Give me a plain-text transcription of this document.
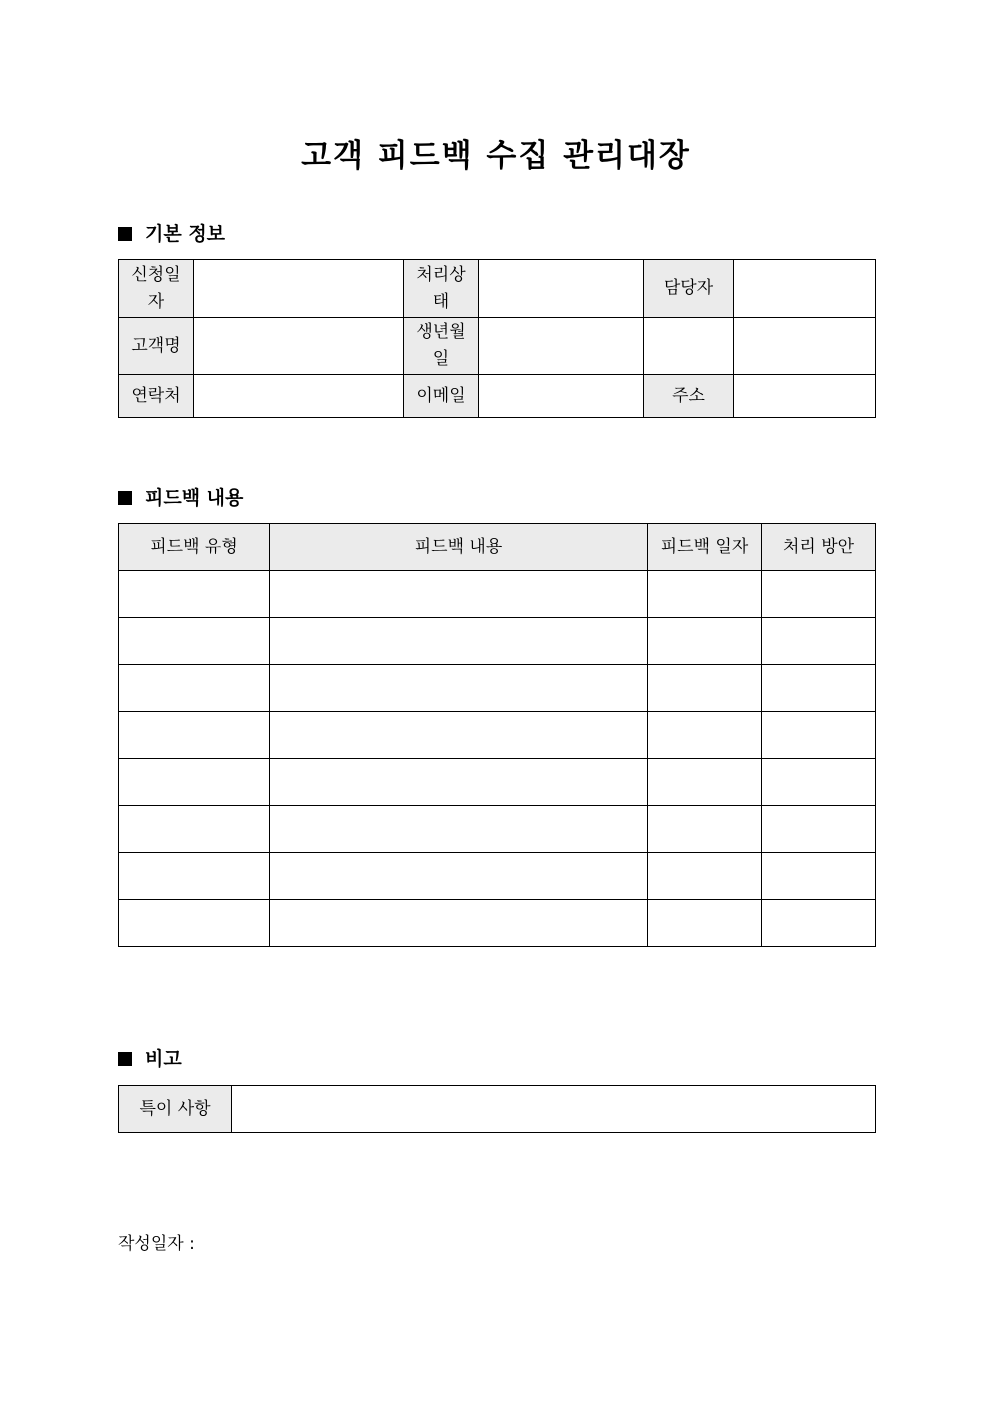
고객 피드백 수집 관리대장
기본 정보
신청일자		처리상태		담당자	
고객명		생년월일			
연락처		이메일		주소	
피드백 내용
피드백 유형	피드백 내용	피드백 일자	처리 방안

비고
특이 사항	
작성일자 :
